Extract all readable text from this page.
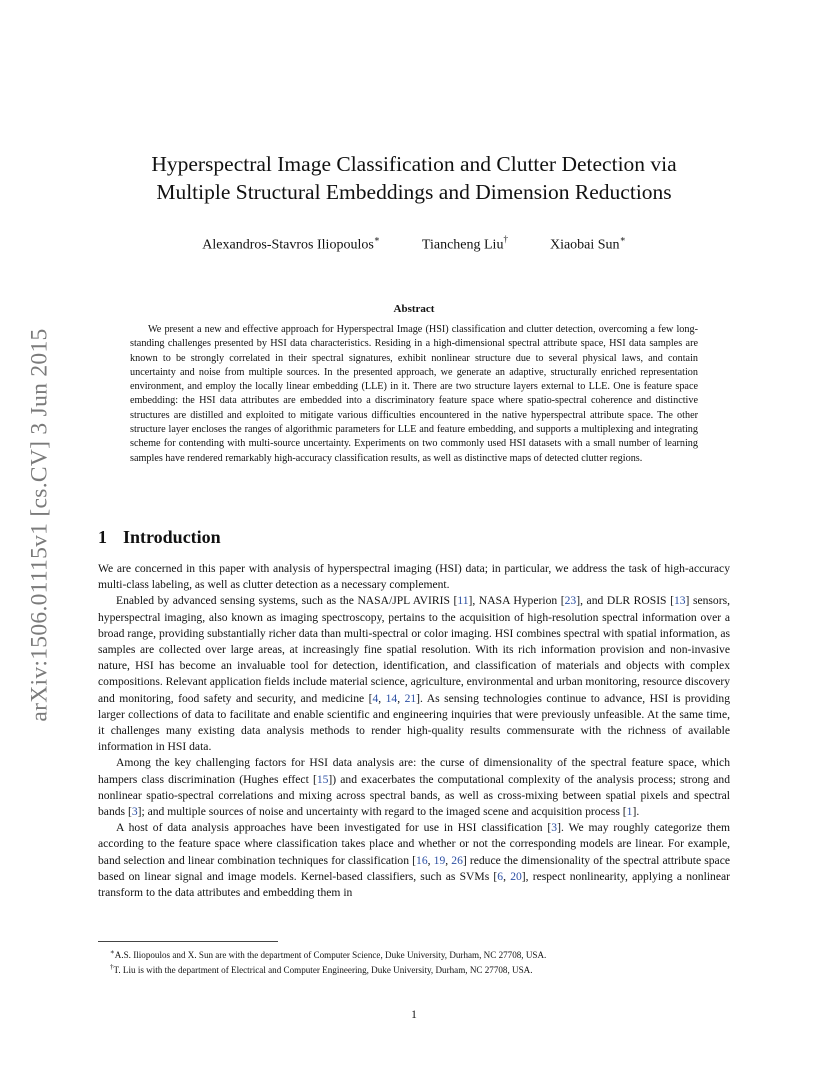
arXiv:1506.01115v1 [cs.CV] 3 Jun 2015
Hyperspectral Image Classification and Clutter Detection via
Multiple Structural Embeddings and Dimension Reductions
Alexandros-Stavros Iliopoulos∗	Tiancheng Liu†	Xiaobai Sun∗
Abstract

We present a new and effective approach for Hyperspectral Image (HSI) classification and clutter detection, overcoming a few long-standing challenges presented by HSI data characteristics. Residing in a high-dimensional spectral attribute space, HSI data samples are known to be strongly correlated in their spectral signatures, exhibit nonlinear structure due to several physical laws, and contain uncertainty and noise from multiple sources. In the presented approach, we generate an adaptive, structurally enriched representation environment, and employ the locally linear embedding (LLE) in it. There are two structure layers external to LLE. One is feature space embedding: the HSI data attributes are embedded into a discriminatory feature space where spatio-spectral coherence and distinctive structures are distilled and exploited to mitigate various difficulties encountered in the native hyperspectral attribute space. The other structure layer encloses the ranges of algorithmic parameters for LLE and feature embedding, and supports a multiplexing and integrating scheme for contending with multi-source uncertainty. Experiments on two commonly used HSI datasets with a small number of learning samples have rendered remarkably high-accuracy classification results, as well as distinctive maps of detected clutter regions.

1 Introduction

We are concerned in this paper with analysis of hyperspectral imaging (HSI) data; in particular, we address the task of high-accuracy multi-class labeling, as well as clutter detection as a necessary complement.

Enabled by advanced sensing systems, such as the NASA/JPL AVIRIS [11], NASA Hyperion [23], and DLR ROSIS [13] sensors, hyperspectral imaging, also known as imaging spectroscopy, pertains to the acquisition of high-resolution spectral information over a broad range, providing substantially richer data than multi-spectral or color imaging. HSI combines spectral with spatial information, as samples are collected over large areas, at increasingly fine spatial resolution. With its rich information provision and non-invasive nature, HSI has become an invaluable tool for detection, identification, and classification of materials and objects with complex compositions. Relevant application fields include material science, agriculture, environmental and urban monitoring, resource discovery and monitoring, food safety and security, and medicine [4, 14, 21]. As sensing technologies continue to advance, HSI is providing larger collections of data to facilitate and enable scientific and engineering inquiries that were previously unfeasible. At the same time, it challenges many existing data analysis methods to render high-quality results commensurate with the richness of available information in HSI data.

Among the key challenging factors for HSI data analysis are: the curse of dimensionality of the spectral feature space, which hampers class discrimination (Hughes effect [15]) and exacerbates the computational complexity of the analysis process; strong and nonlinear spatio-spectral correlations and mixing across spectral bands, as well as cross-mixing between spatial pixels and spectral bands [3]; and multiple sources of noise and uncertainty with regard to the imaged scene and acquisition process [1].

A host of data analysis approaches have been investigated for use in HSI classification [3]. We may roughly categorize them according to the feature space where classification takes place and whether or not the corresponding models are linear. For example, band selection and linear combination techniques for classification [16, 19, 26] reduce the dimensionality of the spectral attribute space based on linear signal and image models. Kernel-based classifiers, such as SVMs [6, 20], respect nonlinearity, applying a nonlinear transform to the data attributes and embedding them in

∗A.S. Iliopoulos and X. Sun are with the department of Computer Science, Duke University, Durham, NC 27708, USA.
†T. Liu is with the department of Electrical and Computer Engineering, Duke University, Durham, NC 27708, USA.
1
